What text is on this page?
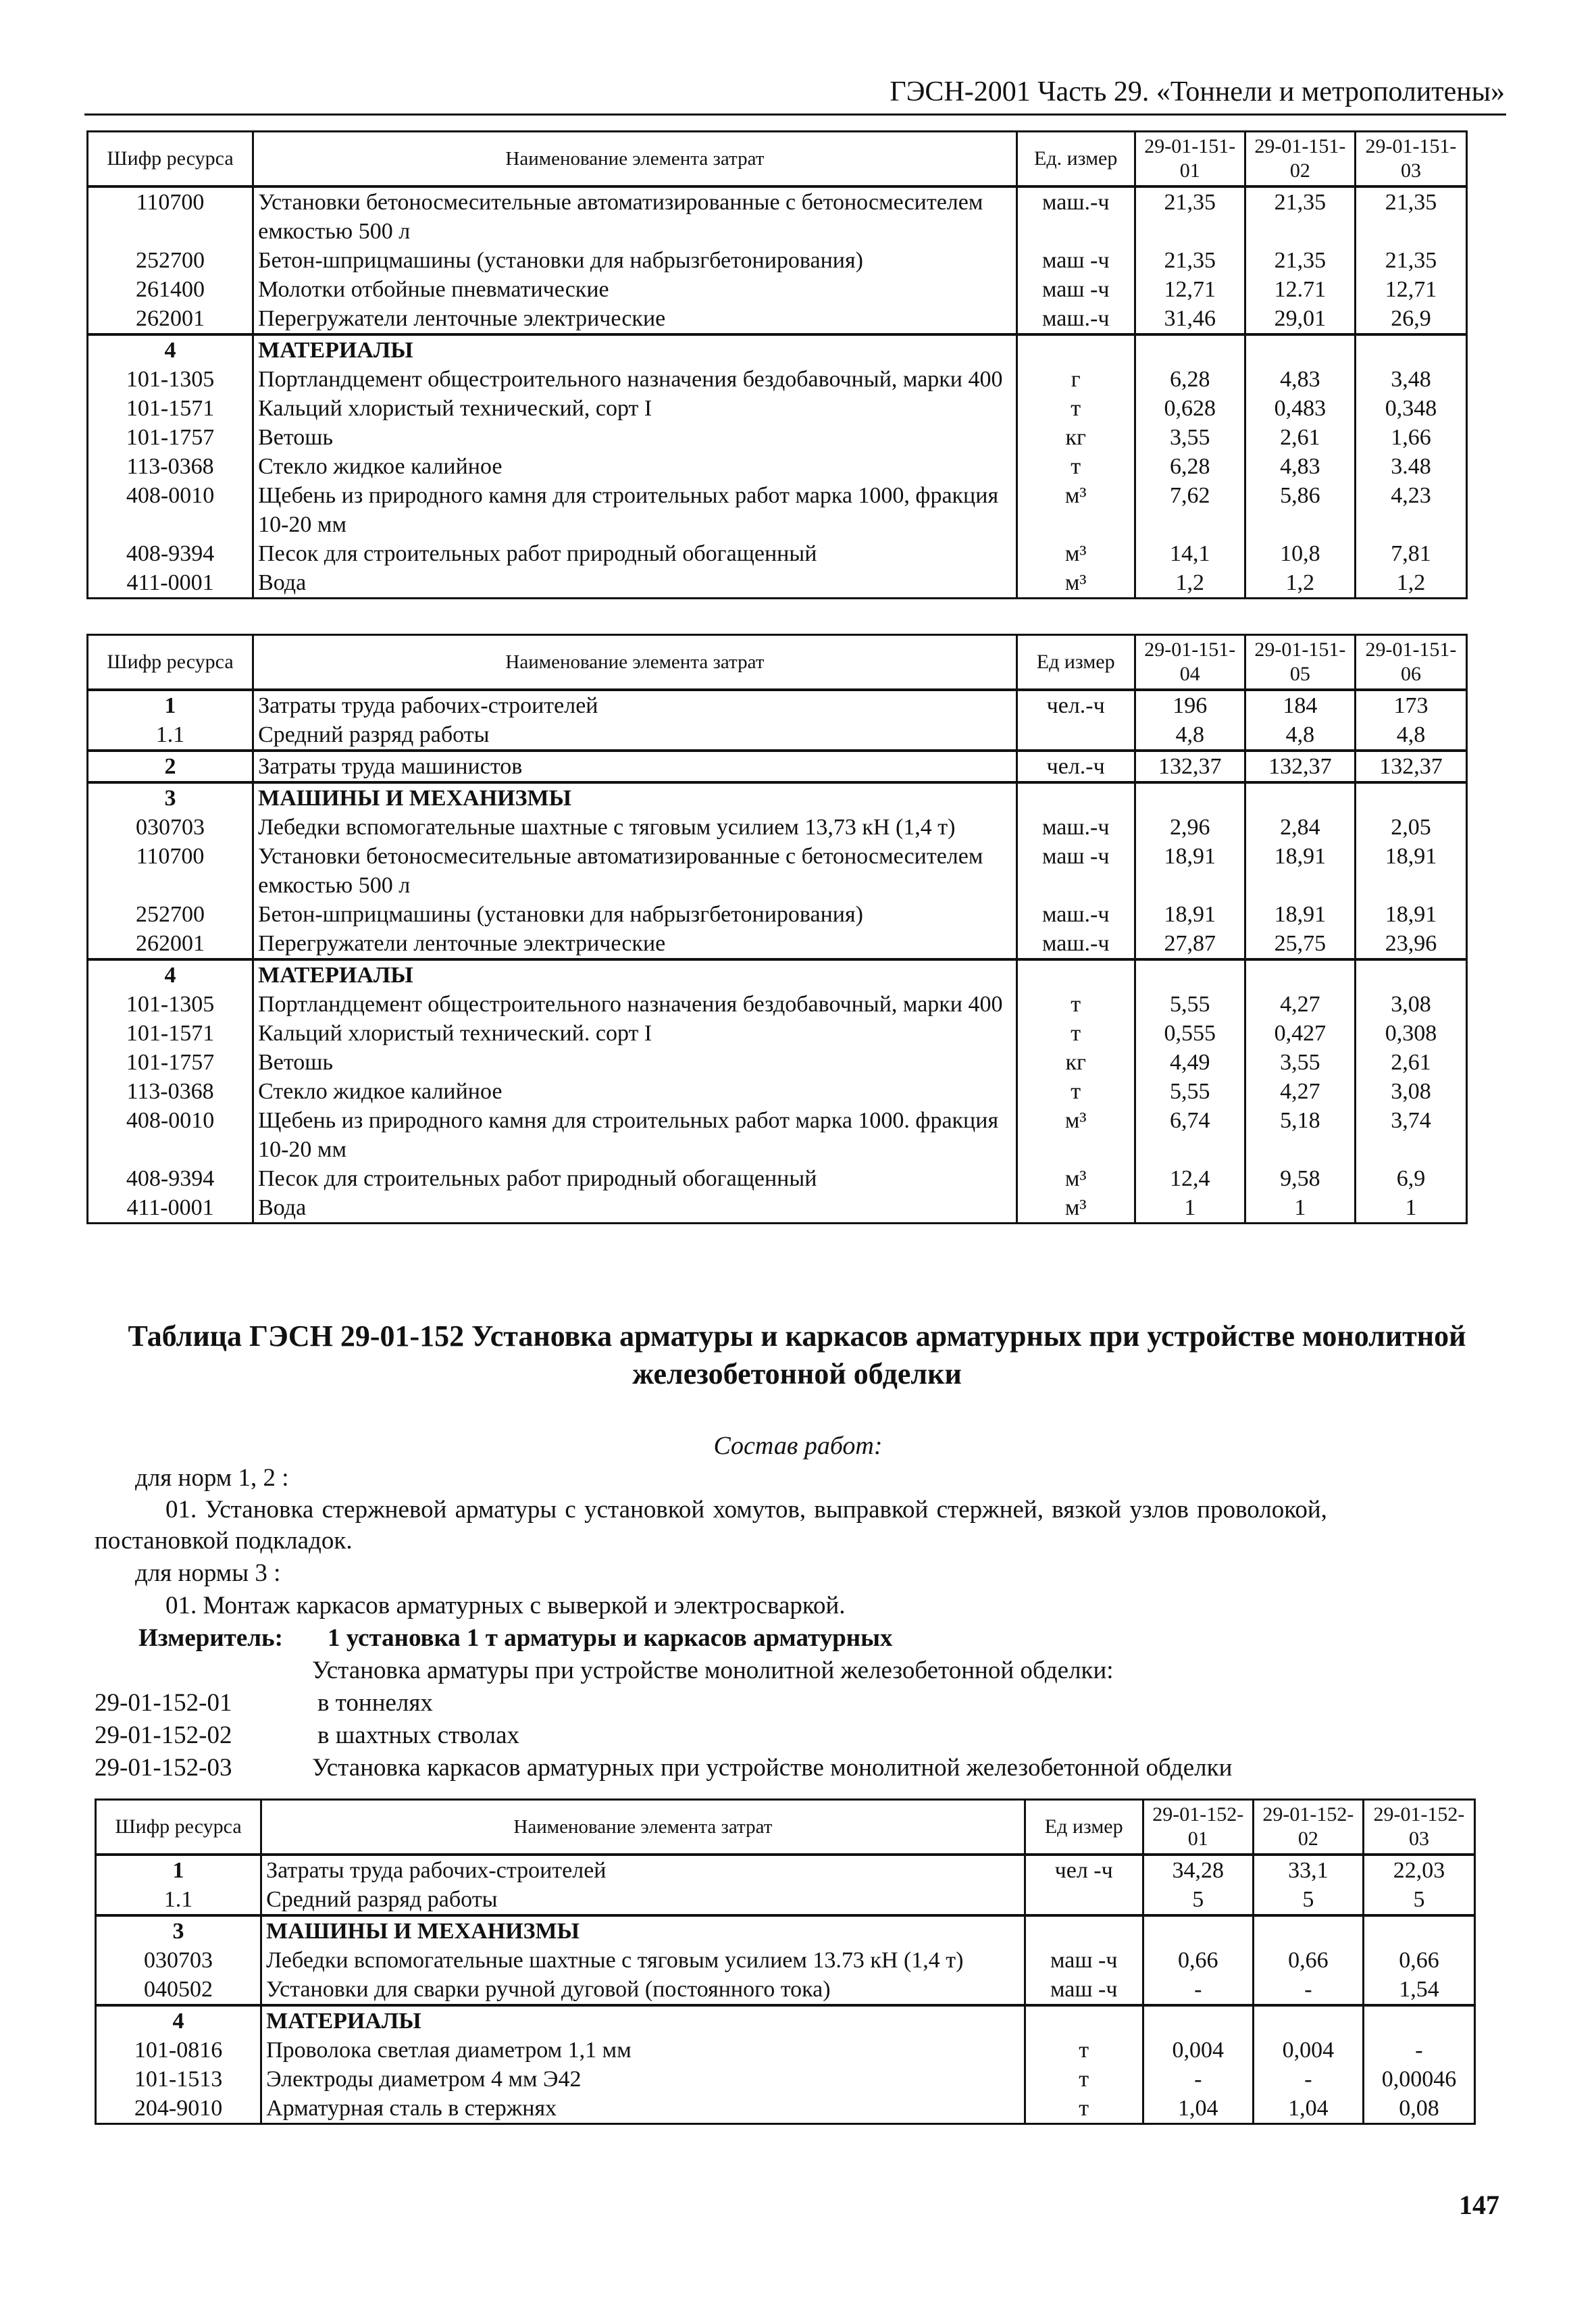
ГЭСН-2001 Часть 29. «Тоннели и метрополитены»
Шифр ресурса	Наименование элемента затрат	Ед. измер	29-01-151-01	29-01-151-02	29-01-151-03
110700	Установки бетоносмесительные автоматизированные с бетоносмесителем емкостью 500 л	маш.-ч	21,35	21,35	21,35
252700	Бетон-шприцмашины (установки для набрызгбетонирования)	маш -ч	21,35	21,35	21,35
261400	Молотки отбойные пневматические	маш -ч	12,71	12.71	12,71
262001	Перегружатели ленточные электрические	маш.-ч	31,46	29,01	26,9
4	МАТЕРИАЛЫ				
101-1305	Портландцемент общестроительного назначения бездобавочный, марки 400	г	6,28	4,83	3,48
101-1571	Кальций хлористый технический, сорт I	т	0,628	0,483	0,348
101-1757	Ветошь	кг	3,55	2,61	1,66
113-0368	Стекло жидкое калийное	т	6,28	4,83	3.48
408-0010	Щебень из природного камня для строительных работ марка 1000, фракция 10-20 мм	м³	7,62	5,86	4,23
408-9394	Песок для строительных работ природный обогащенный	м³	14,1	10,8	7,81
411-0001	Вода	м³	1,2	1,2	1,2
Шифр ресурса	Наименование элемента затрат	Ед измер	29-01-151-04	29-01-151-05	29-01-151-06
1	Затраты труда рабочих-строителей	чел.-ч	196	184	173
1.1	Средний разряд работы		4,8	4,8	4,8
2	Затраты труда машинистов	чел.-ч	132,37	132,37	132,37
3	МАШИНЫ И МЕХАНИЗМЫ				
030703	Лебедки вспомогательные шахтные с тяговым усилием 13,73 кН (1,4 т)	маш.-ч	2,96	2,84	2,05
110700	Установки бетоносмесительные автоматизированные с бетоносмесителем емкостью 500 л	маш -ч	18,91	18,91	18,91
252700	Бетон-шприцмашины (установки для набрызгбетонирования)	маш.-ч	18,91	18,91	18,91
262001	Перегружатели ленточные электрические	маш.-ч	27,87	25,75	23,96
4	МАТЕРИАЛЫ				
101-1305	Портландцемент общестроительного назначения бездобавочный, марки 400	т	5,55	4,27	3,08
101-1571	Кальций хлористый технический. сорт I	т	0,555	0,427	0,308
101-1757	Ветошь	кг	4,49	3,55	2,61
113-0368	Стекло жидкое калийное	т	5,55	4,27	3,08
408-0010	Щебень из природного камня для строительных работ марка 1000. фракция 10-20 мм	м³	6,74	5,18	3,74
408-9394	Песок для строительных работ природный обогащенный	м³	12,4	9,58	6,9
411-0001	Вода	м³	1	1	1
Таблица ГЭСН 29-01-152 Установка арматуры и каркасов арматурных при устройстве монолитной железобетонной обделки
Состав работ:
для норм 1, 2 :
01. Установка стержневой арматуры с установкой хомутов, выправкой стержней, вязкой узлов проволокой,
постановкой подкладок.
для нормы 3 :
01. Монтаж каркасов арматурных с выверкой и электросваркой.
Измеритель: 1 установка 1 т арматуры и каркасов арматурных
Установка арматуры при устройстве монолитной железобетонной обделки:
29-01-152-01	в тоннелях
29-01-152-02	в шахтных стволах
29-01-152-03	Установка каркасов арматурных при устройстве монолитной железобетонной обделки
Шифр ресурса	Наименование элемента затрат	Ед измер	29-01-152-01	29-01-152-02	29-01-152-03
1	Затраты труда рабочих-строителей	чел -ч	34,28	33,1	22,03
1.1	Средний разряд работы		5	5	5
3	МАШИНЫ И МЕХАНИЗМЫ				
030703	Лебедки вспомогательные шахтные с тяговым усилием 13.73 кН (1,4 т)	маш -ч	0,66	0,66	0,66
040502	Установки для сварки ручной дуговой (постоянного тока)	маш -ч	-	-	1,54
4	МАТЕРИАЛЫ				
101-0816	Проволока светлая диаметром 1,1 мм	т	0,004	0,004	-
101-1513	Электроды диаметром 4 мм Э42	т	-	-	0,00046
204-9010	Арматурная сталь в стержнях	т	1,04	1,04	0,08
147
